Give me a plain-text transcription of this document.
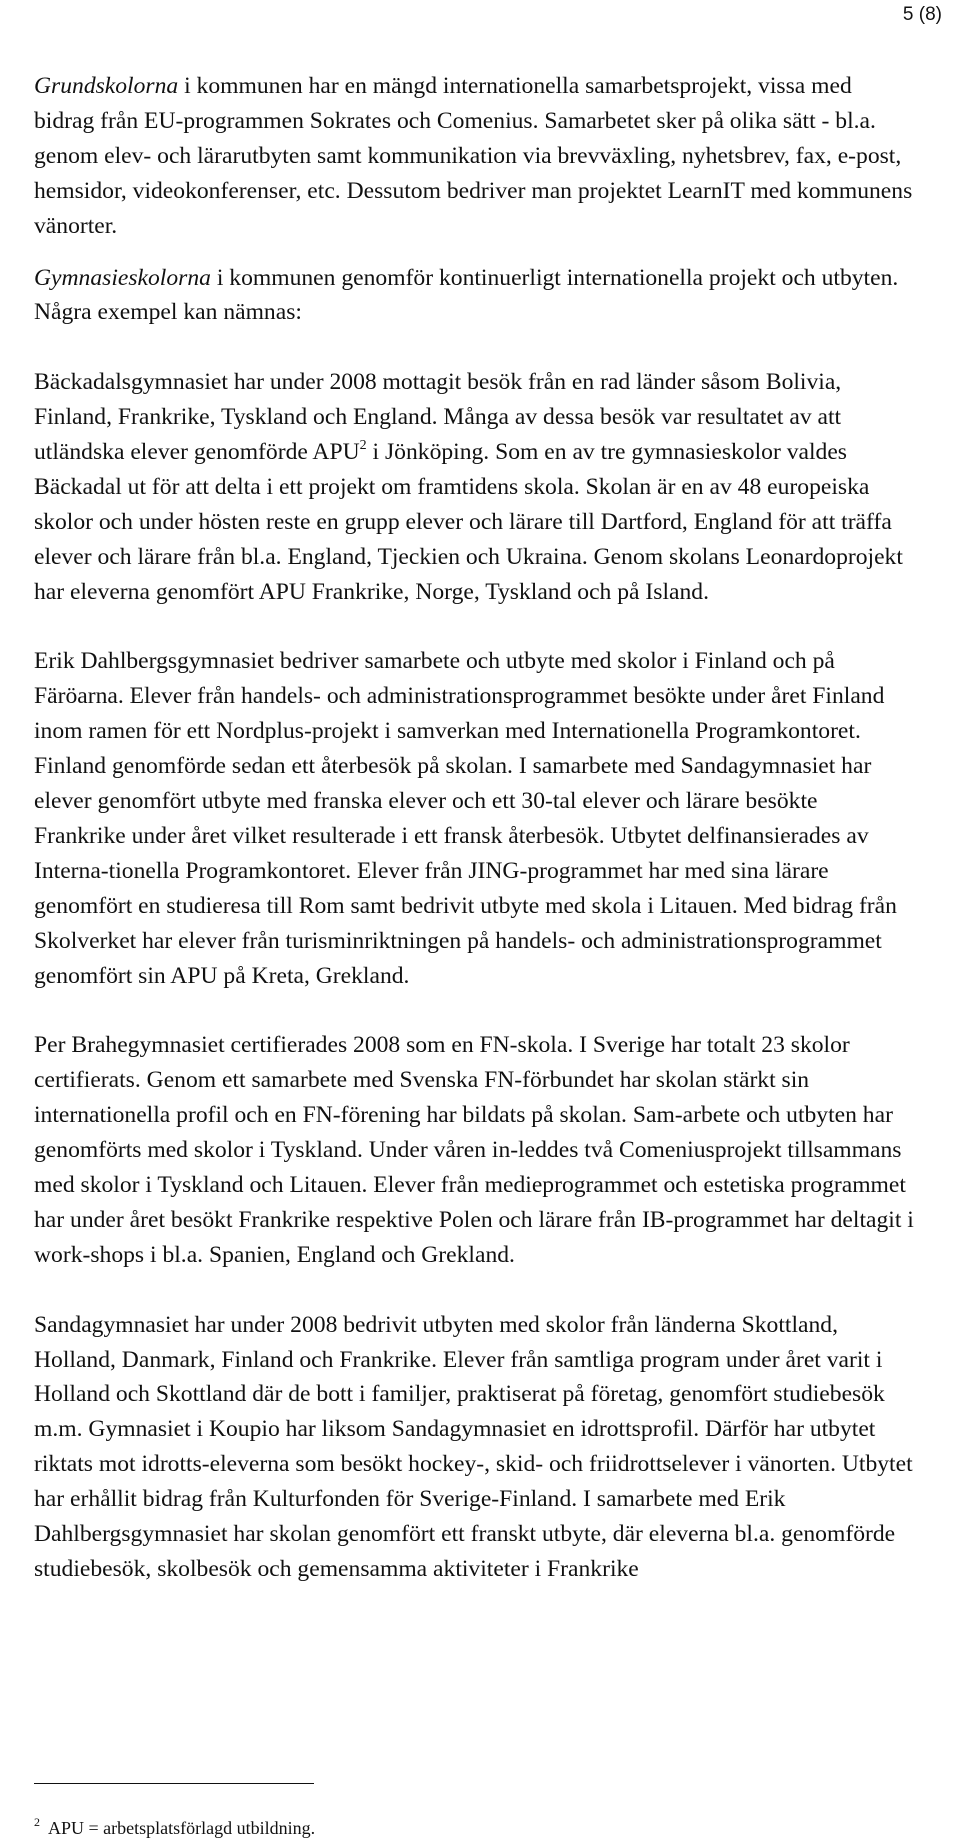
5 (8)

Grundskolorna i kommunen har en mängd internationella samarbetsprojekt, vissa med bidrag från EU-programmen Sokrates och Comenius. Samarbetet sker på olika sätt - bl.a. genom elev- och lärarutbyten samt kommunikation via brevväxling, nyhetsbrev, fax, e-post, hemsidor, videokonferenser, etc. Dessutom bedriver man projektet LearnIT med kommunens vänorter.

Gymnasieskolorna i kommunen genomför kontinuerligt internationella projekt och utbyten. Några exempel kan nämnas:

Bäckadalsgymnasiet har under 2008 mottagit besök från en rad länder såsom Bolivia, Finland, Frankrike, Tyskland och England. Många av dessa besök var resultatet av att utländska elever genomförde APU$^2$ i Jönköping. Som en av tre gymnasieskolor valdes Bäckadal ut för att delta i ett projekt om framtidens skola. Skolan är en av 48 europeiska skolor och under hösten reste en grupp elever och lärare till Dartford, England för att träffa elever och lärare från bl.a. England, Tjeckien och Ukraina. Genom skolans Leonardoprojekt har eleverna genomfört APU Frankrike, Norge, Tyskland och på Island.

Erik Dahlbergsgymnasiet bedriver samarbete och utbyte med skolor i Finland och på Färöarna. Elever från handels- och administrationsprogrammet besökte under året Finland inom ramen för ett Nordplus-projekt i samverkan med Internationella Programkontoret. Finland genomförde sedan ett återbesök på skolan. I samarbete med Sandagymnasiet har elever genomfört utbyte med franska elever och ett 30-tal elever och lärare besökte Frankrike under året vilket resulterade i ett fransk återbesök. Utbytet delfinansierades av Interna-tionella Programkontoret. Elever från JING-programmet har med sina lärare genomfört en studieresa till Rom samt bedrivit utbyte med skola i Litauen. Med bidrag från Skolverket har elever från turisminriktningen på handels- och administrationsprogrammet genomfört sin APU på Kreta, Grekland.

Per Brahegymnasiet certifierades 2008 som en FN-skola. I Sverige har totalt 23 skolor certifierats. Genom ett samarbete med Svenska FN-förbundet har skolan stärkt sin internationella profil och en FN-förening har bildats på skolan. Sam-arbete och utbyten har genomförts med skolor i Tyskland. Under våren in-leddes två Comeniusprojekt tillsammans med skolor i Tyskland och Litauen. Elever från medieprogrammet och estetiska programmet har under året besökt Frankrike respektive Polen och lärare från IB-programmet har deltagit i work-shops i bl.a. Spanien, England och Grekland.

Sandagymnasiet har under 2008 bedrivit utbyten med skolor från länderna Skottland, Holland, Danmark, Finland och Frankrike. Elever från samtliga program under året varit i Holland och Skottland där de bott i familjer, praktiserat på företag, genomfört studiebesök m.m. Gymnasiet i Koupio har liksom Sandagymnasiet en idrottsprofil. Därför har utbytet riktats mot idrotts-eleverna som besökt hockey-, skid- och friidrottselever i vänorten. Utbytet har erhållit bidrag från Kulturfonden för Sverige-Finland. I samarbete med Erik Dahlbergsgymnasiet har skolan genomfört ett franskt utbyte, där eleverna bl.a. genomförde studiebesök, skolbesök och gemensamma aktiviteter i Frankrike

$^2$ APU = arbetsplatsförlagd utbildning.
